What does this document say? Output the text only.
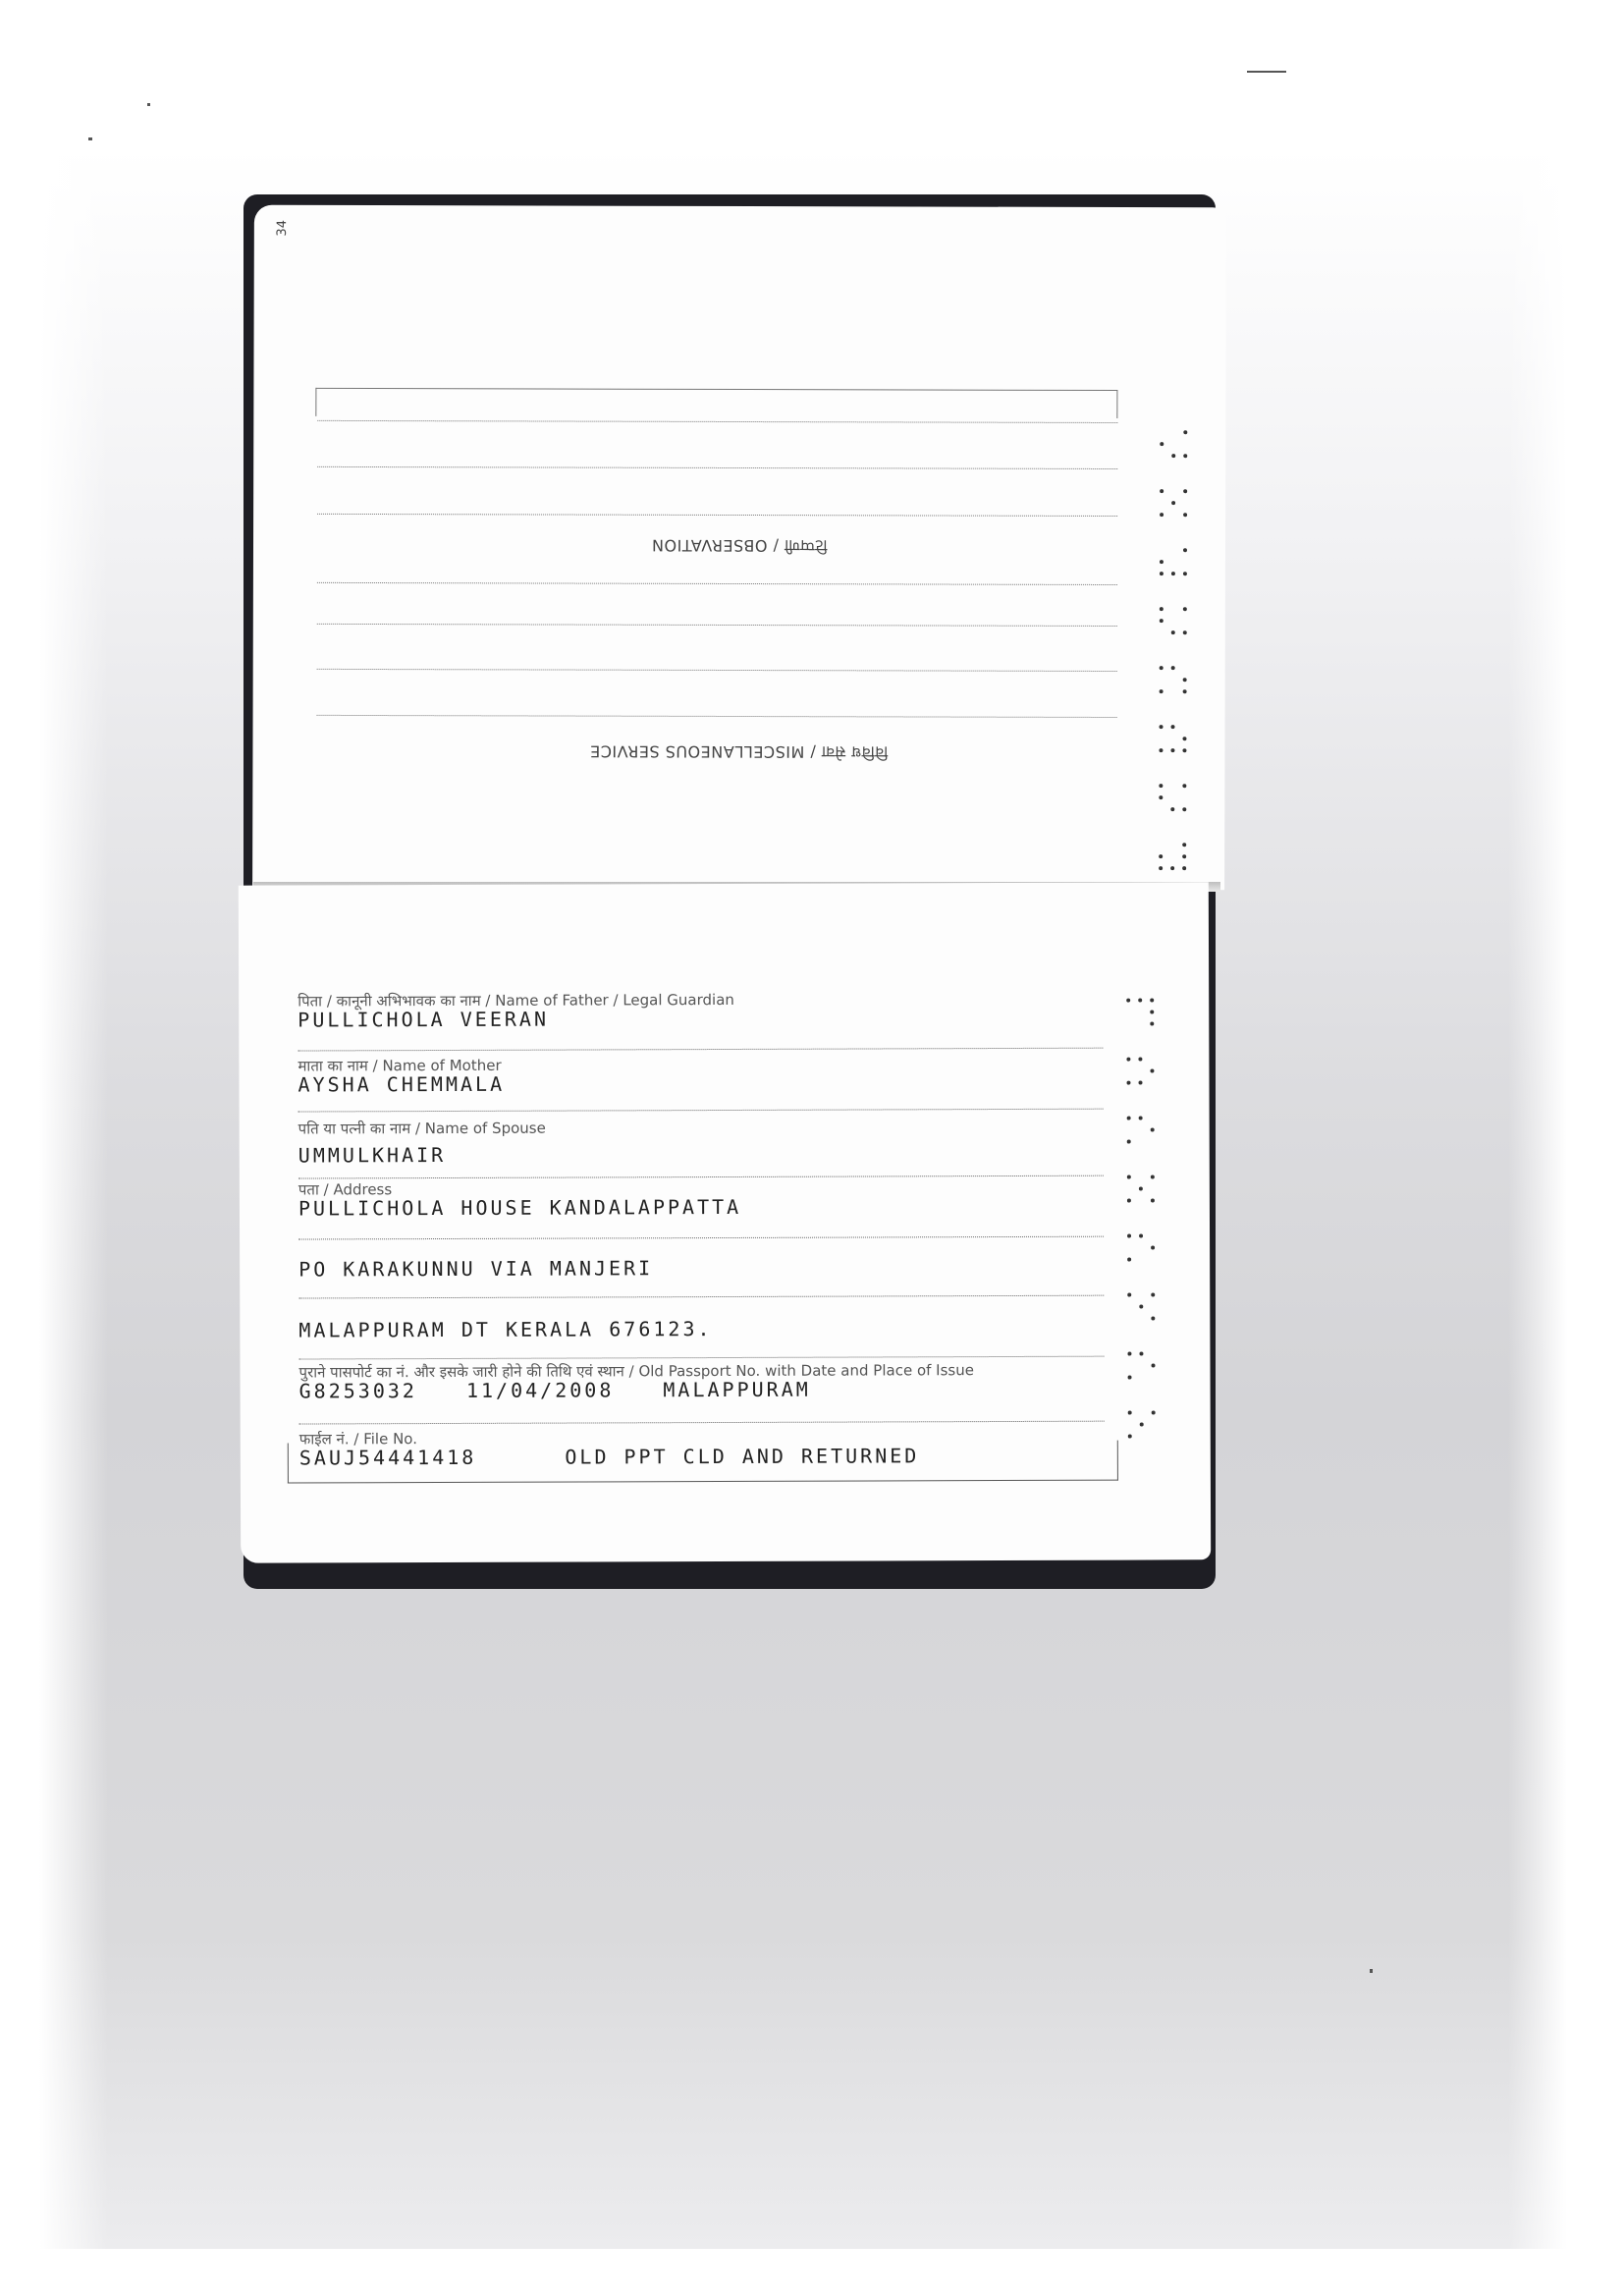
34
विविध सेवा / MISCELLANEOUS SERVICE
टिप्पणी / OBSERVATION
पिता / कानूनी अभिभावक का नाम / Name of Father / Legal Guardian
PULLICHOLA VEERAN
माता का नाम / Name of Mother
AYSHA CHEMMALA
पति या पत्नी का नाम / Name of Spouse
UMMULKHAIR
पता / Address
PULLICHOLA HOUSE KANDALAPPATTA
PO KARAKUNNU VIA MANJERI
MALAPPURAM DT KERALA 676123.
पुराने पासपोर्ट का नं. और इसके जारी होने की तिथि एवं स्थान / Old Passport No. with Date and Place of Issue
G8253032 11/04/2008 MALAPPURAM
फाईल नं. / File No.
SAUJ54441418	OLD PPT CLD AND RETURNED
